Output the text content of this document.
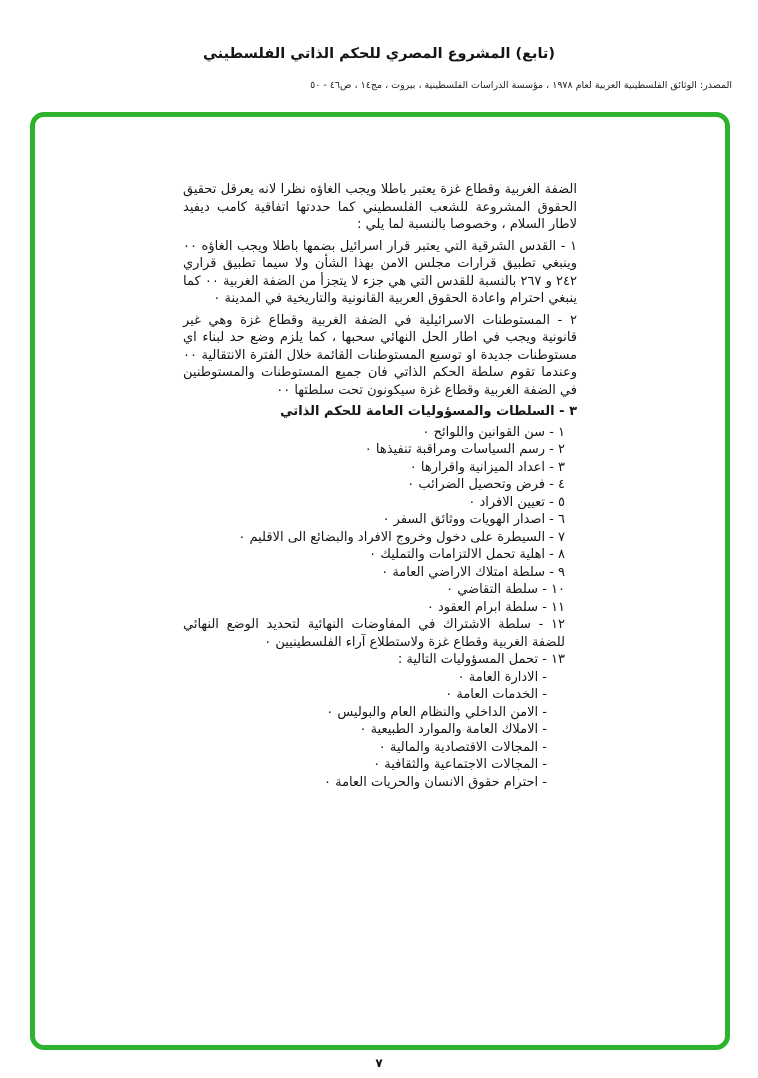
(تابع) المشروع المصري للحكم الذاتي الفلسطيني
المصدر: الوثائق الفلسطينية العربية لعام ١٩٧٨ ، مؤسسة الدراسات الفلسطينية ، بيروت ، مج١٤ ، ص٤٦ - ٥٠
الضفة الغربية وقطاع غزة يعتبر باطلا ويجب الغاؤه نظرا لانه يعرقل تحقيق الحقوق المشروعة للشعب الفلسطيني كما حددتها اتفاقية كامب ديفيد لاطار السلام ، وخصوصا بالنسبة لما يلي :
١ - القدس الشرقية التي يعتبر قرار اسرائيل بضمها باطلا ويجب الغاؤه ٠٠ وينبغي تطبيق قرارات مجلس الامن بهذا الشأن ولا سيما تطبيق قراري ٢٤٢ و ٢٦٧ بالنسبة للقدس التي هي جزء لا يتجزأ من الضفة الغربية ٠٠ كما ينبغي احترام واعادة الحقوق العربية القانونية والتاريخية في المدينة ٠
٢ - المستوطنات الاسرائيلية في الضفة الغربية وقطاع غزة وهي غير قانونية ويجب في اطار الحل النهائي سحبها ، كما يلزم وضع حد لبناء اي مستوطنات جديدة او توسيع المستوطنات القائمة خلال الفترة الانتقالية ٠٠ وعندما تقوم سلطة الحكم الذاتي فان جميع المستوطنات والمستوطنين في الضفة الغربية وقطاع غزة سيكونون تحت سلطتها ٠٠
٣ - السلطات والمسؤوليات العامة للحكم الذاتي
١ - سن القوانين واللوائح ٠
٢ - رسم السياسات ومراقبة تنفيذها ٠
٣ - اعداد الميزانية واقرارها ٠
٤ - فرض وتحصيل الضرائب ٠
٥ - تعيين الافراد ٠
٦ - اصدار الهويات ووثائق السفر ٠
٧ - السيطرة على دخول وخروج الافراد والبضائع الى الاقليم ٠
٨ - اهلية تحمل الالتزامات والتمليك ٠
٩ - سلطة امتلاك الاراضي العامة ٠
١٠ - سلطة التقاضي ٠
١١ - سلطة ابرام العقود ٠
١٢ - سلطة الاشتراك في المفاوضات النهائية لتحديد الوضع النهائي للضفة الغربية وقطاع غزة ولاستطلاع آراء الفلسطينيين ٠
١٣ - تحمل المسؤوليات التالية :
- الادارة العامة ٠
- الخدمات العامة ٠
- الامن الداخلي والنظام العام والبوليس ٠
- الاملاك العامة والموارد الطبيعية ٠
- المجالات الاقتصادية والمالية ٠
- المجالات الاجتماعية والثقافية ٠
- احترام حقوق الانسان والحريات العامة ٠
٧
